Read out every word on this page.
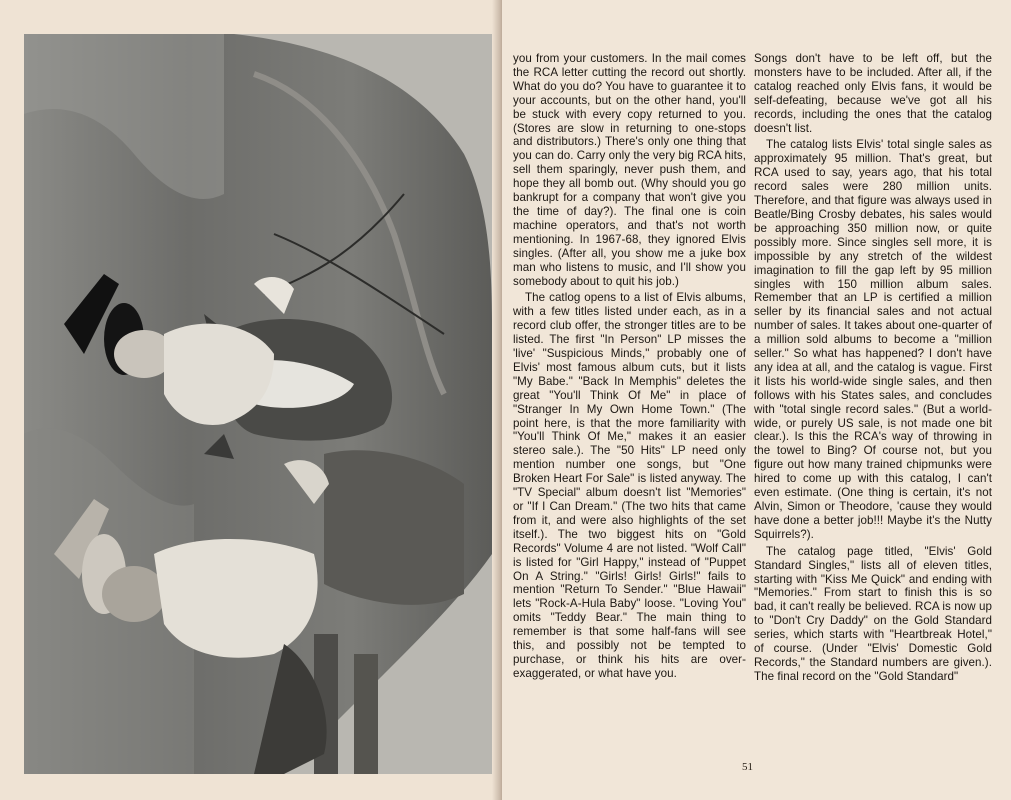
you from your customers. In the mail comes the RCA letter cutting the record out shortly. What do you do? You have to guarantee it to your accounts, but on the other hand, you'll be stuck with every copy returned to you. (Stores are slow in returning to one-stops and distributors.) There's only one thing that you can do. Carry only the very big RCA hits, sell them sparingly, never push them, and hope they all bomb out. (Why should you go bankrupt for a company that won't give you the time of day?). The final one is coin machine operators, and that's not worth mentioning. In 1967-68, they ignored Elvis singles. (After all, you show me a juke box man who listens to music, and I'll show you somebody about to quit his job.)

The catlog opens to a list of Elvis albums, with a few titles listed under each, as in a record club offer, the stronger titles are to be listed. The first "In Person" LP misses the 'live' "Suspicious Minds," probably one of Elvis' most famous album cuts, but it lists "My Babe." "Back In Memphis" deletes the great "You'll Think Of Me" in place of "Stranger In My Own Home Town." (The point here, is that the more familiarity with "You'll Think Of Me," makes it an easier stereo sale.). The "50 Hits" LP need only mention number one songs, but "One Broken Heart For Sale" is listed anyway. The "TV Special" album doesn't list "Memories" or "If I Can Dream." (The two hits that came from it, and were also highlights of the set itself.). The two biggest hits on "Gold Records" Volume 4 are not listed. "Wolf Call" is listed for "Girl Happy," instead of "Puppet On A String." "Girls! Girls! Girls!" fails to mention "Return To Sender." "Blue Hawaii" lets "Rock-A-Hula Baby" loose. "Loving You" omits "Teddy Bear." The main thing to remember is that some half-fans will see this, and possibly not be tempted to purchase, or think his hits are over-exaggerated, or what have you.

Songs don't have to be left off, but the monsters have to be included. After all, if the catalog reached only Elvis fans, it would be self-defeating, because we've got all his records, including the ones that the catalog doesn't list.

The catalog lists Elvis' total single sales as approximately 95 million. That's great, but RCA used to say, years ago, that his total record sales were 280 million units. Therefore, and that figure was always used in Beatle/Bing Crosby debates, his sales would be approaching 350 million now, or quite possibly more. Since singles sell more, it is impossible by any stretch of the wildest imagination to fill the gap left by 95 million singles with 150 million album sales. Remember that an LP is certified a million seller by its financial sales and not actual number of sales. It takes about one-quarter of a million sold albums to become a "million seller." So what has happened? I don't have any idea at all, and the catalog is vague. First it lists his world-wide single sales, and then follows with his States sales, and concludes with "total single record sales." (But a world-wide, or purely US sale, is not made one bit clear.). Is this the RCA's way of throwing in the towel to Bing? Of course not, but you figure out how many trained chipmunks were hired to come up with this catalog, I can't even estimate. (One thing is certain, it's not Alvin, Simon or Theodore, 'cause they would have done a better job!!! Maybe it's the Nutty Squirrels?).

The catalog page titled, "Elvis' Gold Standard Singles," lists all of eleven titles, starting with "Kiss Me Quick" and ending with "Memories." From start to finish this is so bad, it can't really be believed. RCA is now up to "Don't Cry Daddy" on the Gold Standard series, which starts with "Heartbreak Hotel," of course. (Under "Elvis' Domestic Gold Records," the Standard numbers are given.). The final record on the "Gold Standard"

51
